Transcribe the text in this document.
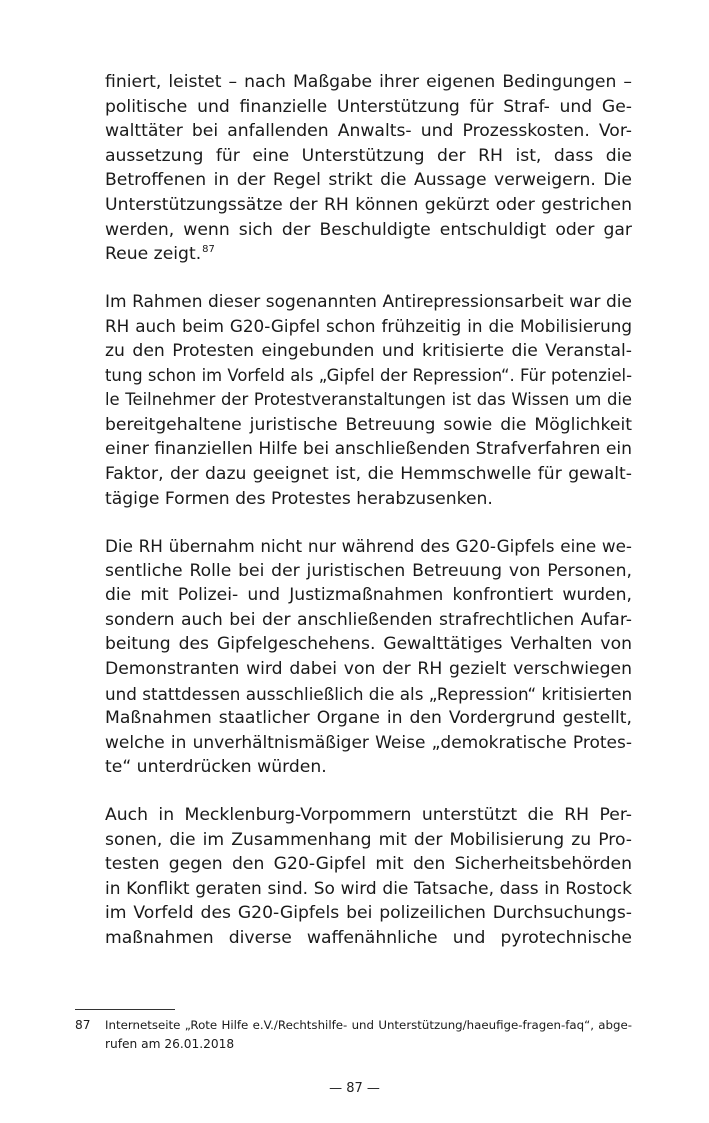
finiert, leistet – nach Maßgabe ihrer eigenen Bedingungen –
politische und finanzielle Unterstützung für Straf- und Ge-
walttäter bei anfallenden Anwalts- und Prozesskosten. Vor-
aussetzung für eine Unterstützung der RH ist, dass die
Betroffenen in der Regel strikt die Aussage verweigern. Die
Unterstützungssätze der RH können gekürzt oder gestrichen
werden, wenn sich der Beschuldigte entschuldigt oder gar
Reue zeigt.$^{87}$

Im Rahmen dieser sogenannten Antirepressionsarbeit war die
RH auch beim G20-Gipfel schon frühzeitig in die Mobilisierung
zu den Protesten eingebunden und kritisierte die Veranstal-
tung schon im Vorfeld als „Gipfel der Repression“. Für potenziel-
le Teilnehmer der Protestveranstaltungen ist das Wissen um die
bereitgehaltene juristische Betreuung sowie die Möglichkeit
einer finanziellen Hilfe bei anschließenden Strafverfahren ein
Faktor, der dazu geeignet ist, die Hemmschwelle für gewalt-
tägige Formen des Protestes herabzusenken.

Die RH übernahm nicht nur während des G20-Gipfels eine we-
sentliche Rolle bei der juristischen Betreuung von Personen,
die mit Polizei- und Justizmaßnahmen konfrontiert wurden,
sondern auch bei der anschließenden strafrechtlichen Aufar-
beitung des Gipfelgeschehens. Gewalttätiges Verhalten von
Demonstranten wird dabei von der RH gezielt verschwiegen
und stattdessen ausschließlich die als „Repression“ kritisierten
Maßnahmen staatlicher Organe in den Vordergrund gestellt,
welche in unverhältnismäßiger Weise „demokratische Protes-
te“ unterdrücken würden.

Auch in Mecklenburg-Vorpommern unterstützt die RH Per-
sonen, die im Zusammenhang mit der Mobilisierung zu Pro-
testen gegen den G20-Gipfel mit den Sicherheitsbehörden
in Konflikt geraten sind. So wird die Tatsache, dass in Rostock
im Vorfeld des G20-Gipfels bei polizeilichen Durchsuchungs-
maßnahmen diverse waffenähnliche und pyrotechnische

87 Internetseite „Rote Hilfe e.V./Rechtshilfe- und Unterstützung/haeufige-fragen-faq“, abge-
rufen am 26.01.2018
— 87 —
